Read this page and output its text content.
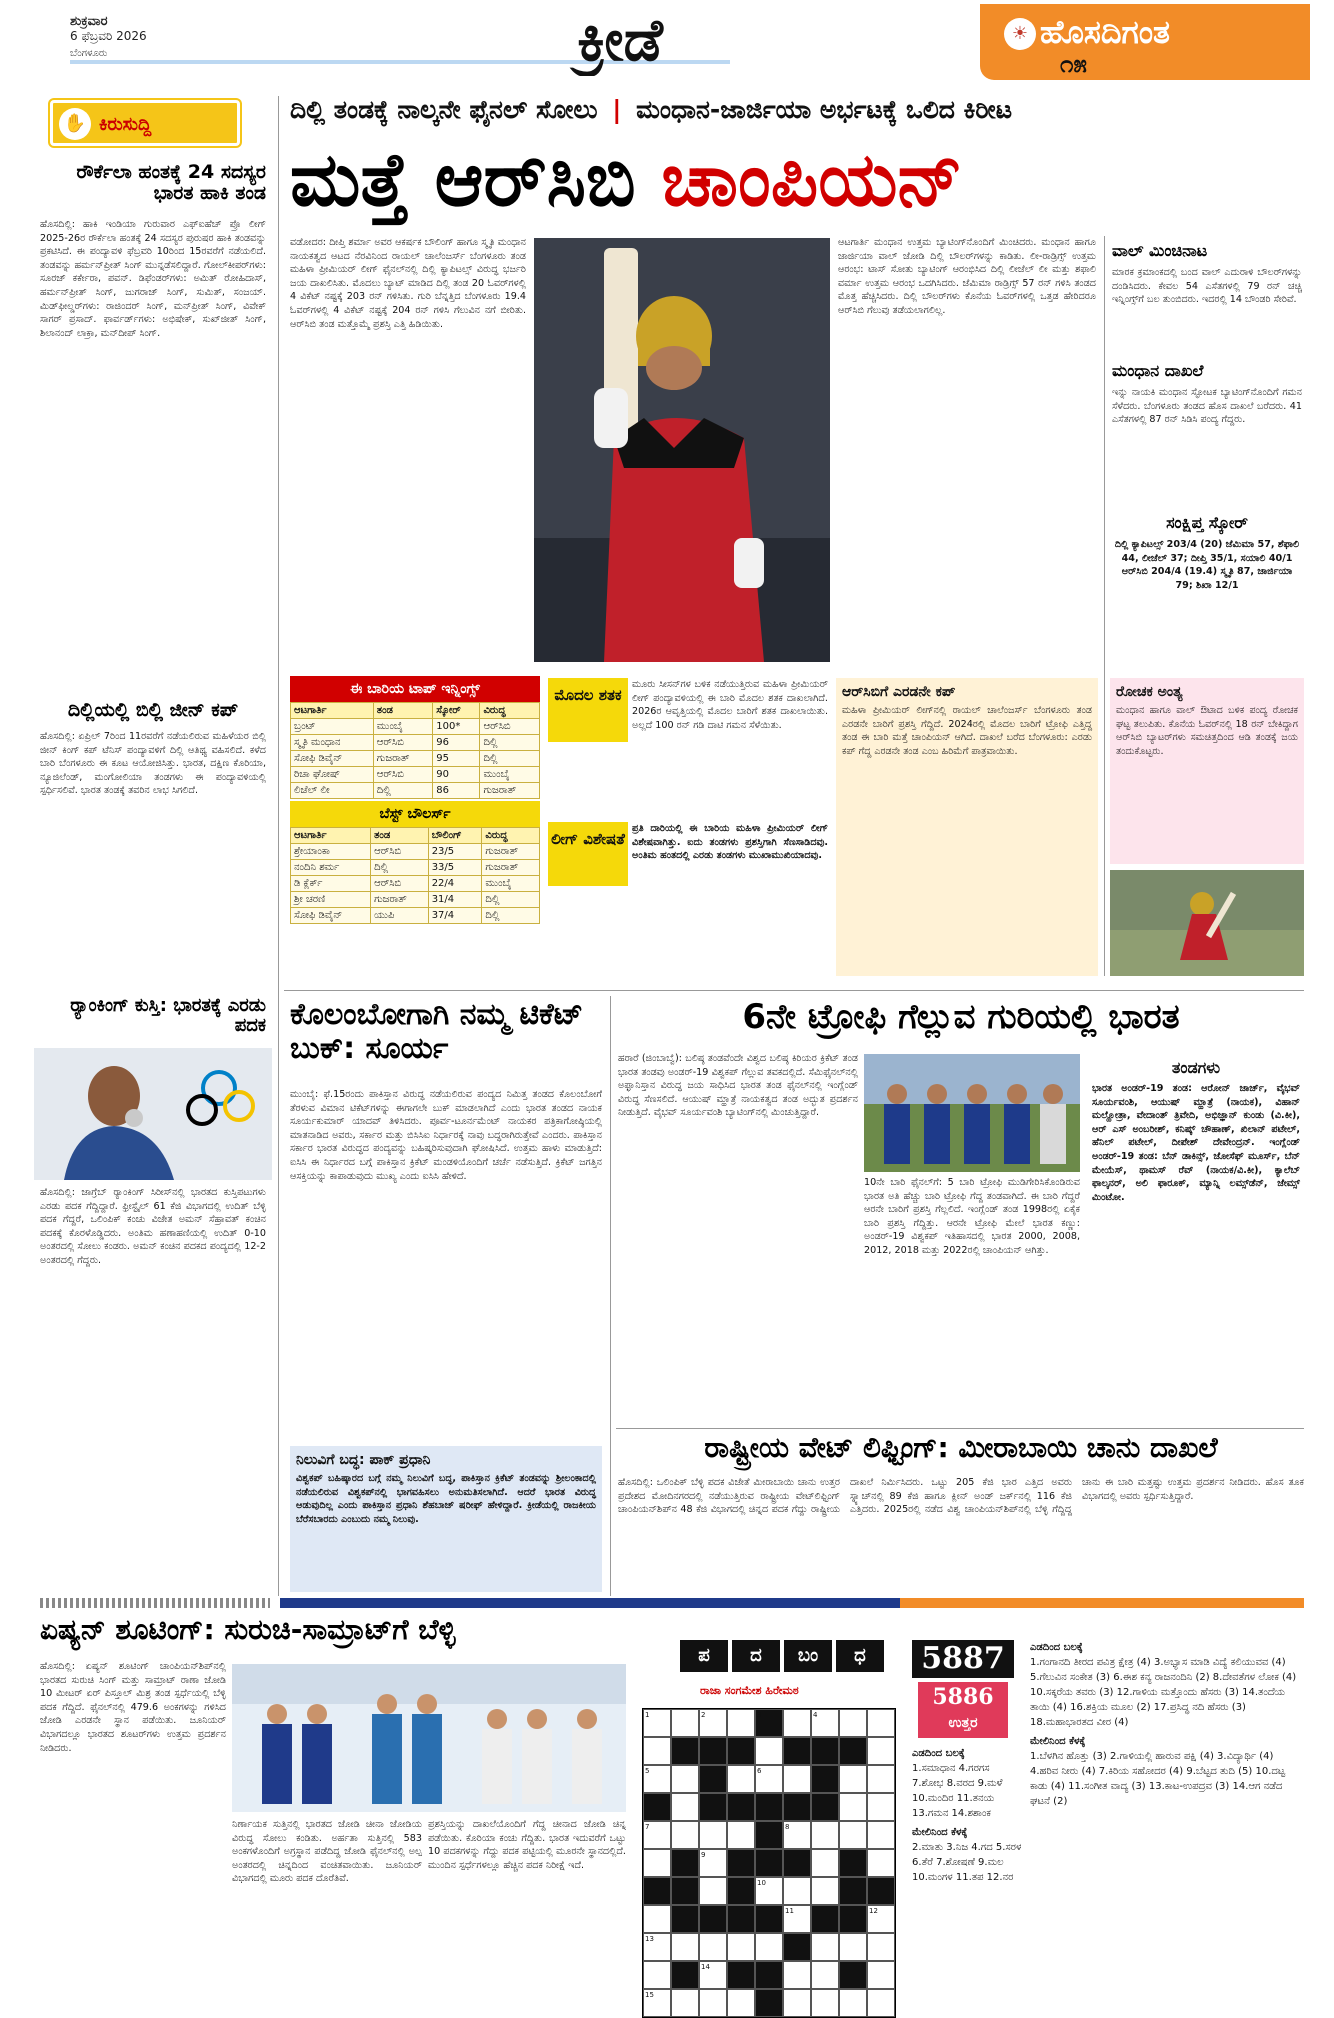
ಶುಕ್ರವಾರ
6 ಫೆಬ್ರವರಿ 2026
ಬೆಂಗಳೂರು	ಕ್ರೀಡೆ	☀ ಹೊಸದಿಗಂತ
೧೫
✋ ಕಿರುಸುದ್ದಿ
ರೌರ್ಕೆಲಾ ಹಂತಕ್ಕೆ 24 ಸದಸ್ಯರ ಭಾರತ ಹಾಕಿ ತಂಡ
ಹೊಸದಿಲ್ಲಿ: ಹಾಕಿ ಇಂಡಿಯಾ ಗುರುವಾರ ಎಫ್ಐಹೆಚ್ ಪ್ರೊ ಲೀಗ್ 2025-26ರ ರೌರ್ಕೆಲಾ ಹಂತಕ್ಕೆ 24 ಸದಸ್ಯರ ಪುರುಷರ ಹಾಕಿ ತಂಡವನ್ನು ಪ್ರಕಟಿಸಿದೆ. ಈ ಪಂದ್ಯಾವಳಿ ಫೆಬ್ರವರಿ 10ರಿಂದ 15ರವರೆಗೆ ನಡೆಯಲಿದೆ. ತಂಡವನ್ನು ಹರ್ಮನ್‌ಪ್ರೀತ್ ಸಿಂಗ್ ಮುನ್ನಡೆಸಲಿದ್ದಾರೆ. ಗೋಲ್‌ಕೀಪರ್‌ಗಳು: ಸೂರಜ್ ಕರ್ಕೇರಾ, ಪವನ್. ಡಿಫೆಂಡರ್‌ಗಳು: ಅಮಿತ್ ರೋಹಿದಾಸ್, ಹರ್ಮನ್‌ಪ್ರೀತ್ ಸಿಂಗ್, ಜುಗರಾಜ್ ಸಿಂಗ್, ಸುಮಿತ್, ಸಂಜಯ್. ಮಿಡ್‌ಫೀಲ್ಡರ್‌ಗಳು: ರಾಜಿಂದರ್ ಸಿಂಗ್, ಮನ್‌ಪ್ರೀತ್ ಸಿಂಗ್, ವಿವೇಕ್ ಸಾಗರ್ ಪ್ರಸಾದ್. ಫಾರ್ವರ್ಡ್‌ಗಳು: ಅಭಿಷೇಕ್, ಸುಖ್‌ಜೀತ್ ಸಿಂಗ್, ಶಿಲಾನಂದ್ ಲಾಕ್ರಾ, ಮನ್‌ದೀಪ್ ಸಿಂಗ್.
ದಿಲ್ಲಿಯಲ್ಲಿ ಬಿಲ್ಲಿ ಜೀನ್ ಕಪ್
ಹೊಸದಿಲ್ಲಿ: ಏಪ್ರಿಲ್ 7ರಿಂದ 11ರವರೆಗೆ ನಡೆಯಲಿರುವ ಮಹಿಳೆಯರ ಬಿಲ್ಲಿ ಜೀನ್ ಕಿಂಗ್ ಕಪ್ ಟೆನಿಸ್ ಪಂದ್ಯಾವಳಿಗೆ ದಿಲ್ಲಿ ಆತಿಥ್ಯ ವಹಿಸಲಿದೆ. ಕಳೆದ ಬಾರಿ ಬೆಂಗಳೂರು ಈ ಕೂಟ ಆಯೋಜಿಸಿತ್ತು. ಭಾರತ, ದಕ್ಷಿಣ ಕೊರಿಯಾ, ನ್ಯೂಜಿಲೆಂಡ್, ಮಂಗೋಲಿಯಾ ತಂಡಗಳು ಈ ಪಂದ್ಯಾವಳಿಯಲ್ಲಿ ಸ್ಪರ್ಧಿಸಲಿವೆ. ಭಾರತ ತಂಡಕ್ಕೆ ತವರಿನ ಲಾಭ ಸಿಗಲಿದೆ.
ರ‍್ಯಾಂಕಿಂಗ್ ಕುಸ್ತಿ: ಭಾರತಕ್ಕೆ ಎರಡು ಪದಕ
ಹೊಸದಿಲ್ಲಿ: ಜಾಗ್ರೆಬ್ ರ‍್ಯಾಂಕಿಂಗ್ ಸಿರೀಸ್‌ನಲ್ಲಿ ಭಾರತದ ಕುಸ್ತಿಪಟುಗಳು ಎರಡು ಪದಕ ಗೆದ್ದಿದ್ದಾರೆ. ಫ್ರೀಸ್ಟೈಲ್ 61 ಕೆಜಿ ವಿಭಾಗದಲ್ಲಿ ಉದಿತ್ ಬೆಳ್ಳಿ ಪದಕ ಗೆದ್ದರೆ, ಒಲಿಂಪಿಕ್ ಕಂಚು ವಿಜೇತ ಅಮನ್ ಸೆಹ್ರಾವತ್ ಕಂಚಿನ ಪದಕಕ್ಕೆ ಕೊರಳೊಡ್ಡಿದರು. ಅಂತಿಮ ಹಣಾಹಣಿಯಲ್ಲಿ ಉದಿತ್ 0-10 ಅಂತರದಲ್ಲಿ ಸೋಲು ಕಂಡರು. ಅಮನ್ ಕಂಚಿನ ಪದಕದ ಪಂದ್ಯದಲ್ಲಿ 12-2 ಅಂತರದಲ್ಲಿ ಗೆದ್ದರು.
ದಿಲ್ಲಿ ತಂಡಕ್ಕೆ ನಾಲ್ಕನೇ ಫೈನಲ್ ಸೋಲು | ಮಂಧಾನ-ಜಾರ್ಜಿಯಾ ಅರ್ಭಟಕ್ಕೆ ಒಲಿದ ಕಿರೀಟ
ಮತ್ತೆ ಆರ್‌ಸಿಬಿ ಚಾಂಪಿಯನ್
ವಡೋದರ: ದೀಪ್ತಿ ಶರ್ಮಾ ಅವರ ಆಕರ್ಷಕ ಬೌಲಿಂಗ್ ಹಾಗೂ ಸ್ಮೃತಿ ಮಂಧಾನ ನಾಯಕತ್ವದ ಆಟದ ನೆರವಿನಿಂದ ರಾಯಲ್ ಚಾಲೆಂಜರ್ಸ್ ಬೆಂಗಳೂರು ತಂಡ ಮಹಿಳಾ ಪ್ರೀಮಿಯರ್ ಲೀಗ್ ಫೈನಲ್‌ನಲ್ಲಿ ದಿಲ್ಲಿ ಕ್ಯಾಪಿಟಲ್ಸ್ ವಿರುದ್ಧ ಭರ್ಜರಿ ಜಯ ದಾಖಲಿಸಿತು. ಮೊದಲು ಬ್ಯಾಟ್ ಮಾಡಿದ ದಿಲ್ಲಿ ತಂಡ 20 ಓವರ್‌ಗಳಲ್ಲಿ 4 ವಿಕೆಟ್ ನಷ್ಟಕ್ಕೆ 203 ರನ್ ಗಳಿಸಿತು. ಗುರಿ ಬೆನ್ನತ್ತಿದ ಬೆಂಗಳೂರು 19.4 ಓವರ್‌ಗಳಲ್ಲಿ 4 ವಿಕೆಟ್ ನಷ್ಟಕ್ಕೆ 204 ರನ್ ಗಳಿಸಿ ಗೆಲುವಿನ ನಗೆ ಬೀರಿತು. ಆರ್‌ಸಿಬಿ ತಂಡ ಮತ್ತೊಮ್ಮೆ ಪ್ರಶಸ್ತಿ ಎತ್ತಿ ಹಿಡಿಯಿತು.
ಆಟಗಾರ್ತಿ ಮಂಧಾನ ಉತ್ತಮ ಬ್ಯಾಟಿಂಗ್‌ನೊಂದಿಗೆ ಮಿಂಚಿದರು. ಮಂಧಾನ ಹಾಗೂ ಜಾರ್ಜಿಯಾ ವಾಲ್ ಜೋಡಿ ದಿಲ್ಲಿ ಬೌಲರ್‌ಗಳನ್ನು ಕಾಡಿತು. ಲೀ-ರಾಡ್ರಿಗ್ಸ್ ಉತ್ತಮ ಆರಂಭ: ಟಾಸ್ ಸೋತು ಬ್ಯಾಟಿಂಗ್ ಆರಂಭಿಸಿದ ದಿಲ್ಲಿ ಲೀಜೆಲ್ ಲೀ ಮತ್ತು ಶಫಾಲಿ ವರ್ಮಾ ಉತ್ತಮ ಆರಂಭ ಒದಗಿಸಿದರು. ಜೆಮಿಮಾ ರಾಡ್ರಿಗ್ಸ್ 57 ರನ್ ಗಳಿಸಿ ತಂಡದ ಮೊತ್ತ ಹೆಚ್ಚಿಸಿದರು. ದಿಲ್ಲಿ ಬೌಲರ್‌ಗಳು ಕೊನೆಯ ಓವರ್‌ಗಳಲ್ಲಿ ಒತ್ತಡ ಹೇರಿದರೂ ಆರ್‌ಸಿಬಿ ಗೆಲುವು ತಡೆಯಲಾಗಲಿಲ್ಲ.
ವಾಲ್ ಮಿಂಚಿನಾಟ
ಮಾರಕ ಕ್ರಮಾಂಕದಲ್ಲಿ ಬಂದ ವಾಲ್ ಎದುರಾಳಿ ಬೌಲರ್‌ಗಳನ್ನು ದಂಡಿಸಿದರು. ಕೇವಲ 54 ಎಸೆತಗಳಲ್ಲಿ 79 ರನ್ ಚಚ್ಚಿ ಇನ್ನಿಂಗ್ಸ್‌ಗೆ ಬಲ ತುಂಬಿದರು. ಇದರಲ್ಲಿ 14 ಬೌಂಡರಿ ಸೇರಿವೆ.
ಮಂಧಾನ ದಾಖಲೆ
ಇನ್ನು ನಾಯಕಿ ಮಂಧಾನ ಸ್ಫೋಟಕ ಬ್ಯಾಟಿಂಗ್‌ನೊಂದಿಗೆ ಗಮನ ಸೆಳೆದರು. ಬೆಂಗಳೂರು ತಂಡದ ಹೊಸ ದಾಖಲೆ ಬರೆದರು. 41 ಎಸೆತಗಳಲ್ಲಿ 87 ರನ್ ಸಿಡಿಸಿ ಪಂದ್ಯ ಗೆದ್ದರು.
ಸಂಕ್ಷಿಪ್ತ ಸ್ಕೋರ್
ದಿಲ್ಲಿ ಕ್ಯಾಪಿಟಲ್ಸ್ 203/4 (20) ಜೆಮಿಮಾ 57, ಶೆಫಾಲಿ 44, ಲೀಜೆಲ್ 37; ದೀಪ್ತಿ 35/1, ಸಯಾಲಿ 40/1 ಆರ್‌ಸಿಬಿ 204/4 (19.4) ಸ್ಮೃತಿ 87, ಜಾರ್ಜಿಯಾ 79; ಶಿಖಾ 12/1
ಈ ಬಾರಿಯ ಟಾಪ್ ಇನ್ನಿಂಗ್ಸ್
ಆಟಗಾರ್ತಿ	ತಂಡ	ಸ್ಕೋರ್	ವಿರುದ್ಧ
ಬ್ರಂಟ್	ಮುಂಬೈ	100*	ಆರ್‌ಸಿಬಿ
ಸ್ಮೃತಿ ಮಂಧಾನ	ಆರ್‌ಸಿಬಿ	96	ದಿಲ್ಲಿ
ಸೋಫಿ ಡಿವೈನ್	ಗುಜರಾತ್	95	ದಿಲ್ಲಿ
ರಿಚಾ ಘೋಷ್	ಆರ್‌ಸಿಬಿ	90	ಮುಂಬೈ
ಲಿಜೆಲ್ ಲೀ	ದಿಲ್ಲಿ	86	ಗುಜರಾತ್
ಬೆಸ್ಟ್ ಬೌಲರ್ಸ್
ಆಟಗಾರ್ತಿ	ತಂಡ	ಬೌಲಿಂಗ್	ವಿರುದ್ಧ
ಶ್ರೇಯಾಂಕಾ	ಆರ್‌ಸಿಬಿ	23/5	ಗುಜರಾತ್
ನಂದಿನಿ ಶರ್ಮ	ದಿಲ್ಲಿ	33/5	ಗುಜರಾತ್
ಡಿ ಕ್ಲೆರ್ಕ್	ಆರ್‌ಸಿಬಿ	22/4	ಮುಂಬೈ
ಶ್ರೀ ಚರಣಿ	ಗುಜರಾತ್	31/4	ದಿಲ್ಲಿ
ಸೋಫಿ ಡಿವೈನ್	ಯುಪಿ	37/4	ದಿಲ್ಲಿ
ಮೊದಲ ಶತಕ
ಮೂರು ಸೀಸನ್‌ಗಳ ಬಳಿಕ ನಡೆಯುತ್ತಿರುವ ಮಹಿಳಾ ಪ್ರೀಮಿಯರ್ ಲೀಗ್ ಪಂದ್ಯಾವಳಿಯಲ್ಲಿ ಈ ಬಾರಿ ಮೊದಲ ಶತಕ ದಾಖಲಾಗಿದೆ. 2026ರ ಆವೃತ್ತಿಯಲ್ಲಿ ಮೊದಲ ಬಾರಿಗೆ ಶತಕ ದಾಖಲಾಯಿತು. ಅಲ್ಲದೆ 100 ರನ್ ಗಡಿ ದಾಟಿ ಗಮನ ಸೆಳೆಯಿತು.
ಲೀಗ್ ವಿಶೇಷತೆ
ಪ್ರತಿ ದಾರಿಯಲ್ಲಿ ಈ ಬಾರಿಯ ಮಹಿಳಾ ಪ್ರೀಮಿಯರ್ ಲೀಗ್ ವಿಶೇಷವಾಗಿತ್ತು. ಐದು ತಂಡಗಳು ಪ್ರಶಸ್ತಿಗಾಗಿ ಸೆಣಸಾಡಿದವು. ಅಂತಿಮ ಹಂತದಲ್ಲಿ ಎರಡು ತಂಡಗಳು ಮುಖಾಮುಖಿಯಾದವು.
ಆರ್‌ಸಿಬಿಗೆ ಎರಡನೇ ಕಪ್
ಮಹಿಳಾ ಪ್ರೀಮಿಯರ್ ಲೀಗ್‌ನಲ್ಲಿ ರಾಯಲ್ ಚಾಲೆಂಜರ್ಸ್ ಬೆಂಗಳೂರು ತಂಡ ಎರಡನೇ ಬಾರಿಗೆ ಪ್ರಶಸ್ತಿ ಗೆದ್ದಿದೆ. 2024ರಲ್ಲಿ ಮೊದಲ ಬಾರಿಗೆ ಟ್ರೋಫಿ ಎತ್ತಿದ್ದ ತಂಡ ಈ ಬಾರಿ ಮತ್ತೆ ಚಾಂಪಿಯನ್ ಆಗಿದೆ. ದಾಖಲೆ ಬರೆದ ಬೆಂಗಳೂರು: ಎರಡು ಕಪ್ ಗೆದ್ದ ಎರಡನೇ ತಂಡ ಎಂಬ ಹಿರಿಮೆಗೆ ಪಾತ್ರವಾಯಿತು.
ರೋಚಕ ಅಂತ್ಯ
ಮಂಧಾನ ಹಾಗೂ ವಾಲ್ ಔಟಾದ ಬಳಿಕ ಪಂದ್ಯ ರೋಚಕ ಘಟ್ಟ ತಲುಪಿತು. ಕೊನೆಯ ಓವರ್‌ನಲ್ಲಿ 18 ರನ್ ಬೇಕಿದ್ದಾಗ ಆರ್‌ಸಿಬಿ ಬ್ಯಾಟರ್‌ಗಳು ಸಮಚಿತ್ತದಿಂದ ಆಡಿ ತಂಡಕ್ಕೆ ಜಯ ತಂದುಕೊಟ್ಟರು.
ಕೊಲಂಬೋಗಾಗಿ ನಮ್ಮ ಟಿಕೆಟ್ ಬುಕ್: ಸೂರ್ಯ
ಮುಂಬೈ: ಫೆ.15ರಂದು ಪಾಕಿಸ್ತಾನ ವಿರುದ್ಧ ನಡೆಯಲಿರುವ ಪಂದ್ಯದ ನಿಮಿತ್ತ ತಂಡದ ಕೊಲಂಬೋಗೆ ತೆರಳುವ ವಿಮಾನ ಟಿಕೆಟ್‌ಗಳನ್ನು ಈಗಾಗಲೇ ಬುಕ್ ಮಾಡಲಾಗಿದೆ ಎಂದು ಭಾರತ ತಂಡದ ನಾಯಕ ಸೂರ್ಯಕುಮಾರ್ ಯಾದವ್ ತಿಳಿಸಿದರು. ಪೂರ್ವ-ಟೂರ್ನಮೆಂಟ್ ನಾಯಕರ ಪತ್ರಿಕಾಗೋಷ್ಠಿಯಲ್ಲಿ ಮಾತನಾಡಿದ ಅವರು, ಸರ್ಕಾರ ಮತ್ತು ಬಿಸಿಸಿಐ ನಿರ್ಧಾರಕ್ಕೆ ನಾವು ಬದ್ಧರಾಗಿರುತ್ತೇವೆ ಎಂದರು. ಪಾಕಿಸ್ತಾನ ಸರ್ಕಾರ ಭಾರತ ವಿರುದ್ಧದ ಪಂದ್ಯವನ್ನು ಬಹಿಷ್ಕರಿಸುವುದಾಗಿ ಘೋಷಿಸಿದೆ. ಉತ್ತಮ ಹಾಳು ಮಾಡುತ್ತಿದೆ: ಐಸಿಸಿ ಈ ನಿರ್ಧಾರದ ಬಗ್ಗೆ ಪಾಕಿಸ್ತಾನ ಕ್ರಿಕೆಟ್ ಮಂಡಳಿಯೊಂದಿಗೆ ಚರ್ಚೆ ನಡೆಸುತ್ತಿದೆ. ಕ್ರಿಕೆಟ್ ಜಗತ್ತಿನ ಆಸಕ್ತಿಯನ್ನು ಕಾಪಾಡುವುದು ಮುಖ್ಯ ಎಂದು ಐಸಿಸಿ ಹೇಳಿದೆ.
ನಿಲುವಿಗೆ ಬದ್ಧ: ಪಾಕ್ ಪ್ರಧಾನಿ
ವಿಶ್ವಕಪ್ ಬಹಿಷ್ಕಾರದ ಬಗ್ಗೆ ನಮ್ಮ ನಿಲುವಿಗೆ ಬದ್ಧ, ಪಾಕಿಸ್ತಾನ ಕ್ರಿಕೆಟ್ ತಂಡವನ್ನು ಶ್ರೀಲಂಕಾದಲ್ಲಿ ನಡೆಯಲಿರುವ ವಿಶ್ವಕಪ್‌ನಲ್ಲಿ ಭಾಗವಹಿಸಲು ಅನುಮತಿಸಲಾಗಿದೆ. ಆದರೆ ಭಾರತ ವಿರುದ್ಧ ಆಡುವುದಿಲ್ಲ ಎಂದು ಪಾಕಿಸ್ತಾನ ಪ್ರಧಾನಿ ಶೆಹಬಾಜ್ ಷರೀಫ್ ಹೇಳಿದ್ದಾರೆ. ಕ್ರೀಡೆಯಲ್ಲಿ ರಾಜಕೀಯ ಬೆರೆಸಬಾರದು ಎಂಬುದು ನಮ್ಮ ನಿಲುವು.
6ನೇ ಟ್ರೋಫಿ ಗೆಲ್ಲುವ ಗುರಿಯಲ್ಲಿ ಭಾರತ
ಹರಾರೆ (ಜಿಂಬಾಬ್ವೆ): ಬಲಿಷ್ಠ ತಂಡವೆಂದೇ ವಿಶ್ವದ ಬಲಿಷ್ಠ ಕಿರಿಯರ ಕ್ರಿಕೆಟ್ ತಂಡ ಭಾರತ ತಂಡವು ಅಂಡರ್-19 ವಿಶ್ವಕಪ್ ಗೆಲ್ಲುವ ತವಕದಲ್ಲಿದೆ. ಸೆಮಿಫೈನಲ್‌ನಲ್ಲಿ ಅಫ್ಘಾನಿಸ್ತಾನ ವಿರುದ್ಧ ಜಯ ಸಾಧಿಸಿದ ಭಾರತ ತಂಡ ಫೈನಲ್‌ನಲ್ಲಿ ಇಂಗ್ಲೆಂಡ್ ವಿರುದ್ಧ ಸೆಣಸಲಿದೆ. ಆಯುಷ್ ಮ್ಹಾತ್ರೆ ನಾಯಕತ್ವದ ತಂಡ ಅದ್ಭುತ ಪ್ರದರ್ಶನ ನೀಡುತ್ತಿದೆ. ವೈಭವ್ ಸೂರ್ಯವಂಶಿ ಬ್ಯಾಟಿಂಗ್‌ನಲ್ಲಿ ಮಿಂಚುತ್ತಿದ್ದಾರೆ.
10ನೇ ಬಾರಿ ಫೈನಲ್‌ಗೆ: 5 ಬಾರಿ ಟ್ರೋಫಿ ಮುಡಿಗೇರಿಸಿಕೊಂಡಿರುವ ಭಾರತ ಅತಿ ಹೆಚ್ಚು ಬಾರಿ ಟ್ರೋಫಿ ಗೆದ್ದ ತಂಡವಾಗಿದೆ. ಈ ಬಾರಿ ಗೆದ್ದರೆ ಆರನೇ ಬಾರಿಗೆ ಪ್ರಶಸ್ತಿ ಗೆಲ್ಲಲಿದೆ. ಇಂಗ್ಲೆಂಡ್ ತಂಡ 1998ರಲ್ಲಿ ಏಕೈಕ ಬಾರಿ ಪ್ರಶಸ್ತಿ ಗೆದ್ದಿತ್ತು. ಆರನೇ ಟ್ರೋಫಿ ಮೇಲೆ ಭಾರತ ಕಣ್ಣು: ಅಂಡರ್-19 ವಿಶ್ವಕಪ್ ಇತಿಹಾಸದಲ್ಲಿ ಭಾರತ 2000, 2008, 2012, 2018 ಮತ್ತು 2022ರಲ್ಲಿ ಚಾಂಪಿಯನ್ ಆಗಿತ್ತು.
ತಂಡಗಳು
ಭಾರತ ಅಂಡರ್-19 ತಂಡ: ಆರೋನ್ ಜಾರ್ಜ್, ವೈಭವ್ ಸೂರ್ಯವಂಶಿ, ಆಯುಷ್ ಮ್ಹಾತ್ರೆ (ನಾಯಕ), ವಿಹಾನ್ ಮಲ್ಹೋತ್ರಾ, ವೇದಾಂತ್ ತ್ರಿವೇದಿ, ಅಭಿಜ್ಞಾನ್ ಕುಂಡು (ವಿ.ಕೀ), ಆರ್ ಎಸ್ ಅಂಬರೀಶ್, ಕನಿಷ್ಕ್ ಚೌಹಾಣ್, ಖಿಲಾನ್ ಪಟೇಲ್, ಹೆನಿಲ್ ಪಟೇಲ್, ದೀಪೇಶ್ ದೇವೇಂದ್ರನ್. ಇಂಗ್ಲೆಂಡ್ ಅಂಡರ್-19 ತಂಡ: ಬೆನ್ ಡಾಕಿನ್ಸ್, ಜೋಸೆಫ್ ಮೂರ್ಸ್, ಬೆನ್ ಮೇಯೆಸ್, ಥಾಮಸ್ ರೆವ್ (ನಾಯಕ/ವಿ.ಕೀ), ಕ್ಯಾಲೆಬ್ ಫಾಲ್ಕನರ್, ಅಲಿ ಫಾರೂಕ್, ಮ್ಯಾನ್ನಿ ಲಮ್ಸ್‌ಡೆನ್, ಜೇಮ್ಸ್ ಮಿಂಟೋ.
ರಾಷ್ಟ್ರೀಯ ವೇಟ್ ಲಿಫ್ಟಿಂಗ್: ಮೀರಾಬಾಯಿ ಚಾನು ದಾಖಲೆ
ಹೊಸದಿಲ್ಲಿ: ಒಲಿಂಪಿಕ್ ಬೆಳ್ಳಿ ಪದಕ ವಿಜೇತೆ ಮೀರಾಬಾಯಿ ಚಾನು ಉತ್ತರ ಪ್ರದೇಶದ ಮೋದಿನಗರದಲ್ಲಿ ನಡೆಯುತ್ತಿರುವ ರಾಷ್ಟ್ರೀಯ ವೇಟ್‌ಲಿಫ್ಟಿಂಗ್ ಚಾಂಪಿಯನ್‌ಶಿಪ್‌ನ 48 ಕೆಜಿ ವಿಭಾಗದಲ್ಲಿ ಚಿನ್ನದ ಪದಕ ಗೆದ್ದು ರಾಷ್ಟ್ರೀಯ ದಾಖಲೆ ನಿರ್ಮಿಸಿದರು. ಒಟ್ಟು 205 ಕೆಜಿ ಭಾರ ಎತ್ತಿದ ಅವರು ಸ್ನ್ಯಾಚ್‌ನಲ್ಲಿ 89 ಕೆಜಿ ಹಾಗೂ ಕ್ಲೀನ್ ಅಂಡ್ ಜರ್ಕ್‌ನಲ್ಲಿ 116 ಕೆಜಿ ಎತ್ತಿದರು. 2025ರಲ್ಲಿ ನಡೆದ ವಿಶ್ವ ಚಾಂಪಿಯನ್‌ಶಿಪ್‌ನಲ್ಲಿ ಬೆಳ್ಳಿ ಗೆದ್ದಿದ್ದ ಚಾನು ಈ ಬಾರಿ ಮತ್ತಷ್ಟು ಉತ್ತಮ ಪ್ರದರ್ಶನ ನೀಡಿದರು. ಹೊಸ ತೂಕ ವಿಭಾಗದಲ್ಲಿ ಅವರು ಸ್ಪರ್ಧಿಸುತ್ತಿದ್ದಾರೆ.
ಏಷ್ಯನ್ ಶೂಟಿಂಗ್: ಸುರುಚಿ-ಸಾಮ್ರಾಟ್‌ಗೆ ಬೆಳ್ಳಿ
ಹೊಸದಿಲ್ಲಿ: ಏಷ್ಯನ್ ಶೂಟಿಂಗ್ ಚಾಂಪಿಯನ್‌ಶಿಪ್‌ನಲ್ಲಿ ಭಾರತದ ಸುರುಚಿ ಸಿಂಗ್ ಮತ್ತು ಸಾಮ್ರಾಟ್ ರಾಣಾ ಜೋಡಿ 10 ಮೀಟರ್ ಏರ್ ಪಿಸ್ತೂಲ್ ಮಿಶ್ರ ತಂಡ ಸ್ಪರ್ಧೆಯಲ್ಲಿ ಬೆಳ್ಳಿ ಪದಕ ಗೆದ್ದಿದೆ. ಫೈನಲ್‌ನಲ್ಲಿ 479.6 ಅಂಕಗಳನ್ನು ಗಳಿಸಿದ ಜೋಡಿ ಎರಡನೇ ಸ್ಥಾನ ಪಡೆಯಿತು. ಜೂನಿಯರ್ ವಿಭಾಗದಲ್ಲೂ ಭಾರತದ ಶೂಟರ್‌ಗಳು ಉತ್ತಮ ಪ್ರದರ್ಶನ ನೀಡಿದರು.
ನಿರ್ಣಾಯಕ ಸುತ್ತಿನಲ್ಲಿ ಭಾರತದ ಜೋಡಿ ಚೀನಾ ಜೋಡಿಯ ವಿರುದ್ಧ ಸೋಲು ಕಂಡಿತು. ಅರ್ಹತಾ ಸುತ್ತಿನಲ್ಲಿ 583 ಅಂಕಗಳೊಂದಿಗೆ ಅಗ್ರಸ್ಥಾನ ಪಡೆದಿದ್ದ ಜೋಡಿ ಫೈನಲ್‌ನಲ್ಲಿ ಅಲ್ಪ ಅಂತರದಲ್ಲಿ ಚಿನ್ನದಿಂದ ವಂಚಿತವಾಯಿತು. ಜೂನಿಯರ್ ವಿಭಾಗದಲ್ಲಿ ಮೂರು ಪದಕ ದೊರೆತಿವೆ.
ಪ್ರಶಸ್ತಿಯನ್ನು ದಾಖಲೆಯೊಂದಿಗೆ ಗೆದ್ದ ಚೀನಾದ ಜೋಡಿ ಚಿನ್ನ ಪಡೆಯಿತು. ಕೊರಿಯಾ ಕಂಚು ಗೆದ್ದಿತು. ಭಾರತ ಇದುವರೆಗೆ ಒಟ್ಟು 10 ಪದಕಗಳನ್ನು ಗೆದ್ದು ಪದಕ ಪಟ್ಟಿಯಲ್ಲಿ ಮೂರನೇ ಸ್ಥಾನದಲ್ಲಿದೆ. ಮುಂದಿನ ಸ್ಪರ್ಧೆಗಳಲ್ಲೂ ಹೆಚ್ಚಿನ ಪದಕ ನಿರೀಕ್ಷೆ ಇದೆ.
ಪ	ದ	ಬಂ	ಧ
ರಾಜಾ ಸಂಗಮೇಶ ಹಿರೇಮಠ
1	2	3	4
5	6
7	8
9
10
11	12
13
14
15
5887
5886
ಉತ್ತರ
ಎಡದಿಂದ ಬಲಕ್ಕೆ
1.ಸಮಾಧಾನ 4.ಗರಗಸ 7.ಶೋಭ 8.ವರದ 9.ಮಳೆ 10.ಮಂದಿರ 11.ತನಯ 13.ಗಮನ 14.ಶಶಾಂಕ
ಮೇಲಿನಿಂದ ಕೆಳಕ್ಕೆ
2.ಮಾತು 3.ನಿಜ 4.ಗದ 5.ಸರಳ 6.ತೆರೆ 7.ಶೋಷಣೆ 9.ಮಲ 10.ಮಂಗಳ 11.ತಪ 12.ನರ
ಎಡದಿಂದ ಬಲಕ್ಕೆ
1.ಗಂಗಾನದಿ ತೀರದ ಪವಿತ್ರ ಕ್ಷೇತ್ರ (4) 3.ಅಭ್ಯಾಸ ಮಾಡಿ ವಿದ್ಯೆ ಕಲಿಯುವವ (4) 5.ಗೆಲುವಿನ ಸಂಕೇತ (3) 6.ಈಶ ಕನ್ಯ ರಾಜನಂದಿನಿ (2) 8.ದೇವತೆಗಳ ಲೋಕ (4) 10.ಸಕ್ಕರೆಯ ತವರು (3) 12.ಗಾಳಿಯ ಮತ್ತೊಂದು ಹೆಸರು (3) 14.ತಂದೆಯ ತಾಯಿ (4) 16.ಶಕ್ತಿಯ ಮೂಲ (2) 17.ಪ್ರಸಿದ್ಧ ನದಿ ಹೆಸರು (3) 18.ಮಹಾಭಾರತದ ವೀರ (4)
ಮೇಲಿನಿಂದ ಕೆಳಕ್ಕೆ
1.ಬೆಳಗಿನ ಹೊತ್ತು (3) 2.ಗಾಳಿಯಲ್ಲಿ ಹಾರುವ ಪಕ್ಷಿ (4) 3.ವಿದ್ಯಾರ್ಥಿ (4) 4.ಹರಿವ ನೀರು (4) 7.ಕಿರಿಯ ಸಹೋದರ (4) 9.ಬೆಟ್ಟದ ತುದಿ (5) 10.ದಟ್ಟ ಕಾಡು (4) 11.ಸಂಗೀತ ವಾದ್ಯ (3) 13.ಕಾಟ-ಉಪದ್ರವ (3) 14.ಆಗ ನಡೆದ ಘಟನೆ (2)
